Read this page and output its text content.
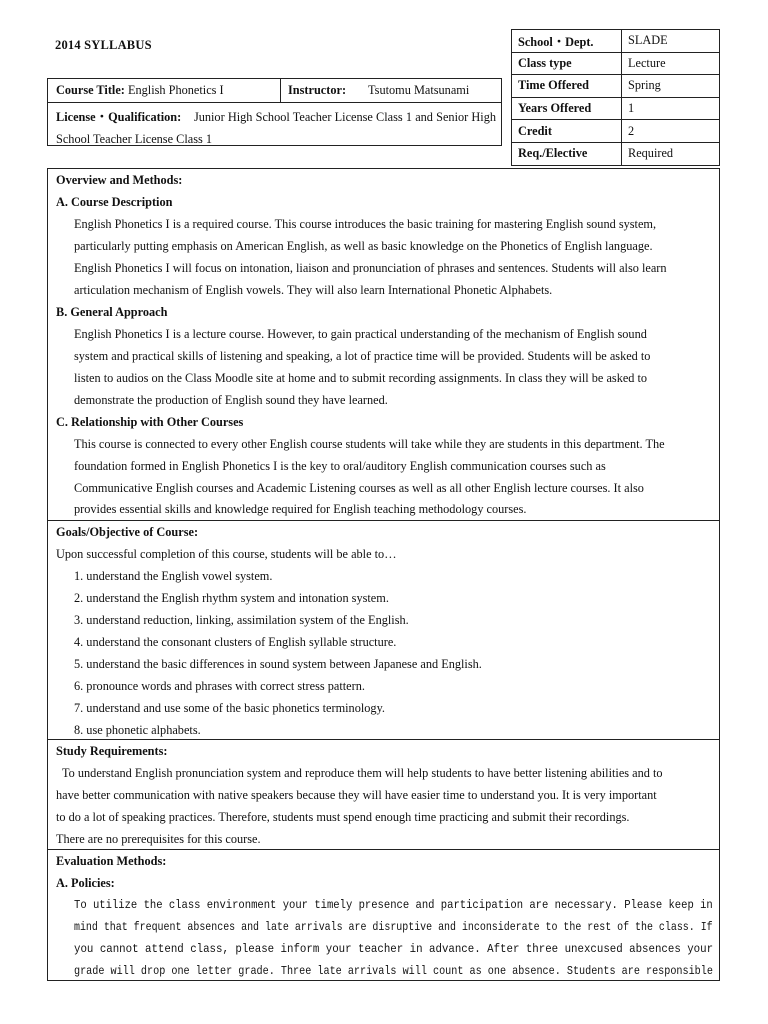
2014 SYLLABUS	School・Dept.	SLADE
Class type	Lecture
Time Offered	Spring
Years Offered	1
Credit	2
Req./Elective	Required
Course Title: English Phonetics I	Instructor: Tsutomu Matsunami
License・Qualification: Junior High School Teacher License Class 1 and Senior High School Teacher License Class 1
Overview and Methods:
A. Course Description
English Phonetics I is a required course. This course introduces the basic training for mastering English sound system,
particularly putting emphasis on American English, as well as basic knowledge on the Phonetics of English language.
English Phonetics I will focus on intonation, liaison and pronunciation of phrases and sentences. Students will also learn
articulation mechanism of English vowels. They will also learn International Phonetic Alphabets.
B. General Approach
English Phonetics I is a lecture course. However, to gain practical understanding of the mechanism of English sound
system and practical skills of listening and speaking, a lot of practice time will be provided. Students will be asked to
listen to audios on the Class Moodle site at home and to submit recording assignments. In class they will be asked to
demonstrate the production of English sound they have learned.
C. Relationship with Other Courses
This course is connected to every other English course students will take while they are students in this department. The
foundation formed in English Phonetics I is the key to oral/auditory English communication courses such as
Communicative English courses and Academic Listening courses as well as all other English lecture courses. It also
provides essential skills and knowledge required for English teaching methodology courses.
Goals/Objective of Course:
Upon successful completion of this course, students will be able to…
1. understand the English vowel system.
2. understand the English rhythm system and intonation system.
3. understand reduction, linking, assimilation system of the English.
4. understand the consonant clusters of English syllable structure.
5. understand the basic differences in sound system between Japanese and English.
6. pronounce words and phrases with correct stress pattern.
7. understand and use some of the basic phonetics terminology.
8. use phonetic alphabets.
Study Requirements:
To understand English pronunciation system and reproduce them will help students to have better listening abilities and to
have better communication with native speakers because they will have easier time to understand you. It is very important
to do a lot of speaking practices. Therefore, students must spend enough time practicing and submit their recordings.
There are no prerequisites for this course.
Evaluation Methods:
A. Policies:
To utilize the class environment your timely presence and participation are necessary. Please keep in
mind that frequent absences and late arrivals are disruptive and inconsiderate to the rest of the class. If
you cannot attend class, please inform your teacher in advance. After three unexcused absences your
grade will drop one letter grade. Three late arrivals will count as one absence. Students are responsible
